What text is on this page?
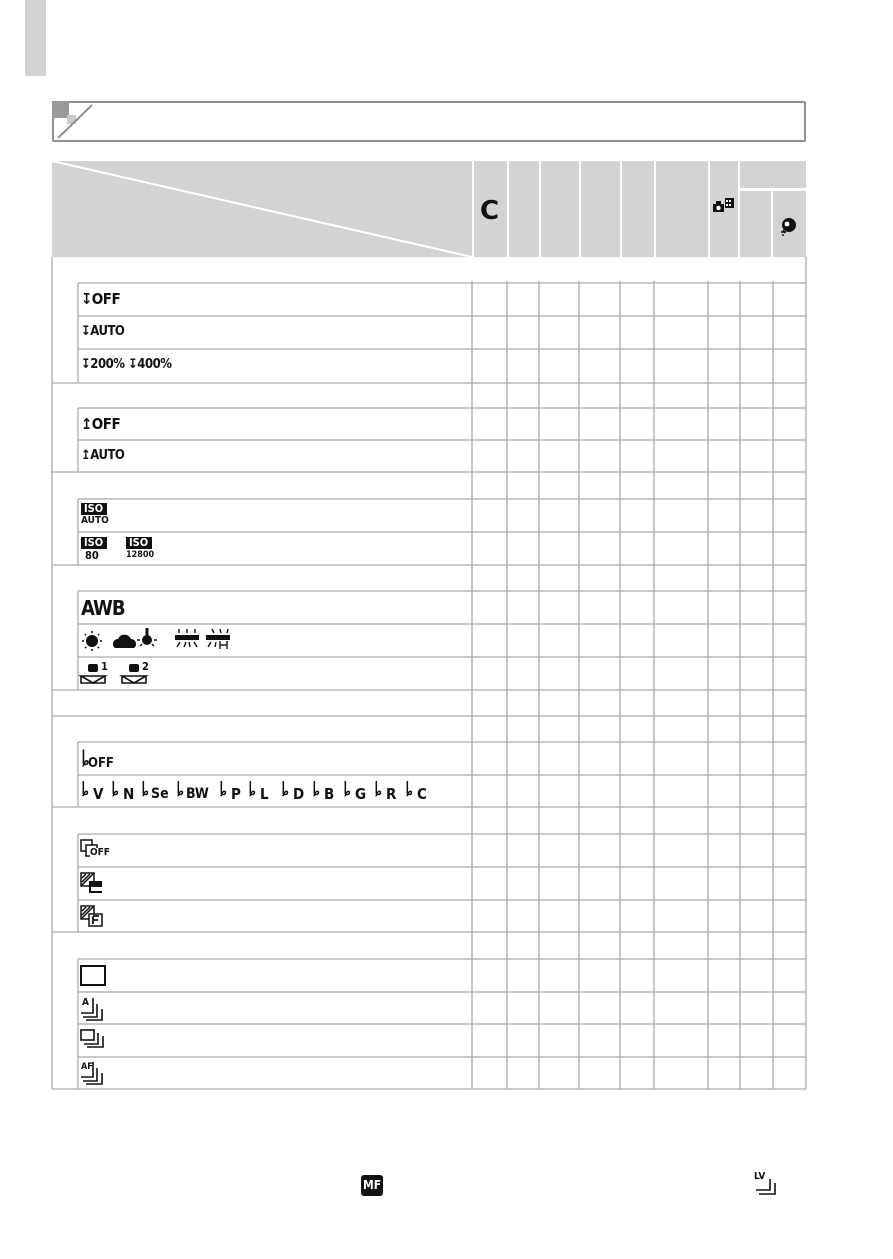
C
↧OFF
↧AUTO
↧200% ↧400%
↥OFF
↥AUTO
ISO
AUTO
ISO
80
ISO
12800
AWB
1	2
ȴ
OFF
ȴ V ȴ N ȴ Se ȴ BW ȴ P ȴ L ȴ D ȴ B ȴ G ȴ R ȴ C
OFF
A
AF
MF
LV
